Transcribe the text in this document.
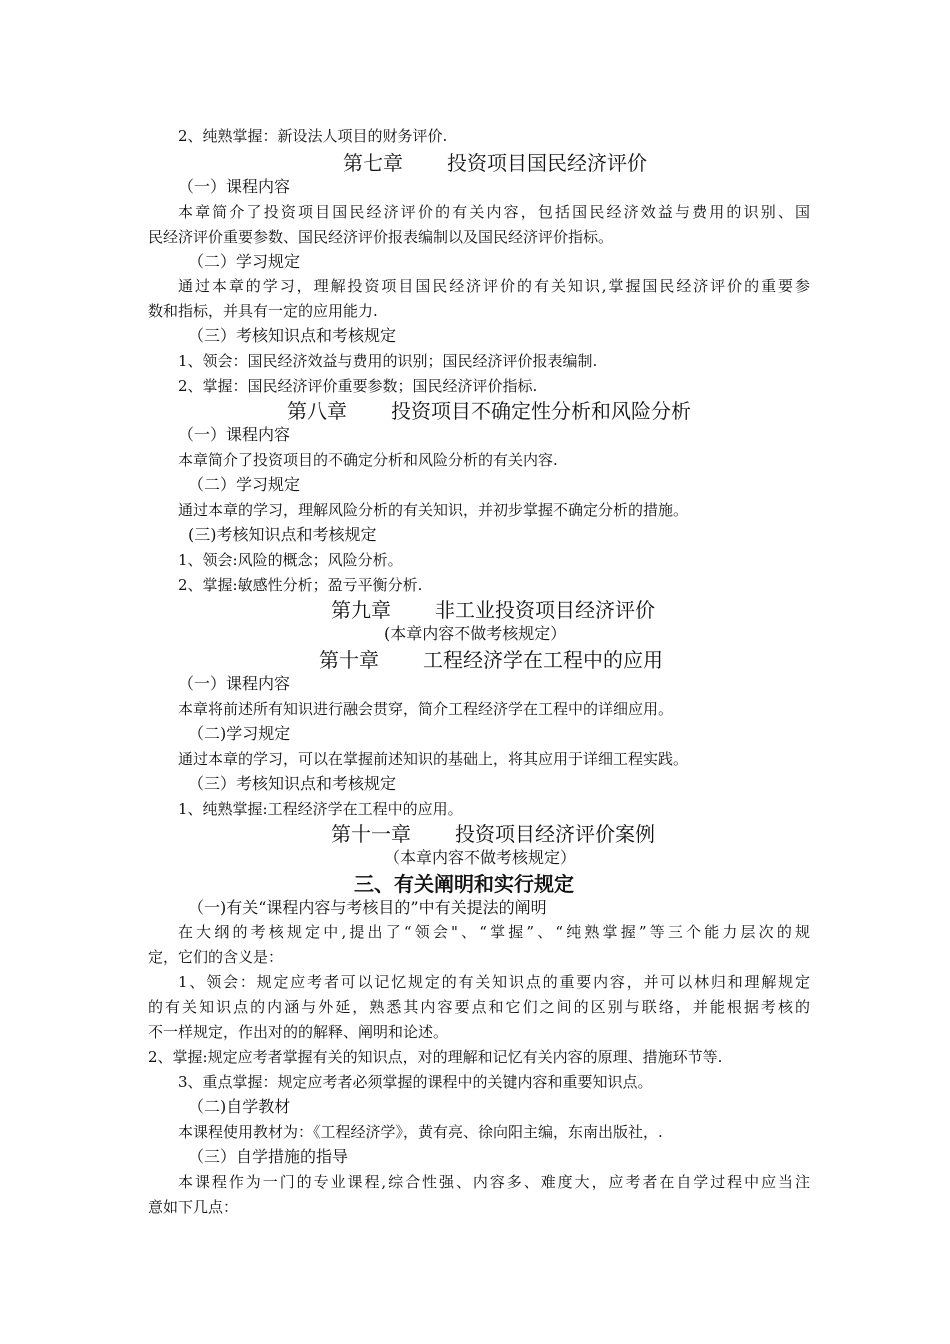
2、纯熟掌握：新设法人项目的财务评价.
第七章 投资项目国民经济评价
（一）课程内容
本章简介了投资项目国民经济评价的有关内容，包括国民经济效益与费用的识别、国
民经济评价重要参数、国民经济评价报表编制以及国民经济评价指标。
（二）学习规定
通过本章的学习，理解投资项目国民经济评价的有关知识,掌握国民经济评价的重要参
数和指标，并具有一定的应用能力.
（三）考核知识点和考核规定
1、领会：国民经济效益与费用的识别；国民经济评价报表编制.
2、掌握：国民经济评价重要参数；国民经济评价指标.
第八章 投资项目不确定性分析和风险分析
（一）课程内容
本章简介了投资项目的不确定分析和风险分析的有关内容.
（二）学习规定
通过本章的学习，理解风险分析的有关知识，并初步掌握不确定分析的措施。
(三)考核知识点和考核规定
1、领会:风险的概念；风险分析。
2、掌握:敏感性分析；盈亏平衡分析.
第九章 非工业投资项目经济评价
(本章内容不做考核规定）
第十章 工程经济学在工程中的应用
（一）课程内容
本章将前述所有知识进行融会贯穿，简介工程经济学在工程中的详细应用。
（二)学习规定
通过本章的学习，可以在掌握前述知识的基础上，将其应用于详细工程实践。
（三）考核知识点和考核规定
1、纯熟掌握:工程经济学在工程中的应用。
第十一章 投资项目经济评价案例
（本章内容不做考核规定）
三、有关阐明和实行规定
（一)有关“课程内容与考核目的”中有关提法的阐明
在大纲的考核规定中,提出了“领会"、“掌握”、“纯熟掌握”等三个能力层次的规
定，它们的含义是：
1、领会：规定应考者可以记忆规定的有关知识点的重要内容，并可以林归和理解规定
的有关知识点的内涵与外延，熟悉其内容要点和它们之间的区别与联络，并能根据考核的
不一样规定，作出对的的解释、阐明和论述。
2、掌握:规定应考者掌握有关的知识点，对的理解和记忆有关内容的原理、措施环节等.
3、重点掌握：规定应考者必须掌握的课程中的关键内容和重要知识点。
（二)自学教材
本课程使用教材为：《工程经济学》，黄有亮、徐向阳主编，东南出版社，.
（三）自学措施的指导
本课程作为一门的专业课程,综合性强、内容多、难度大，应考者在自学过程中应当注
意如下几点：
